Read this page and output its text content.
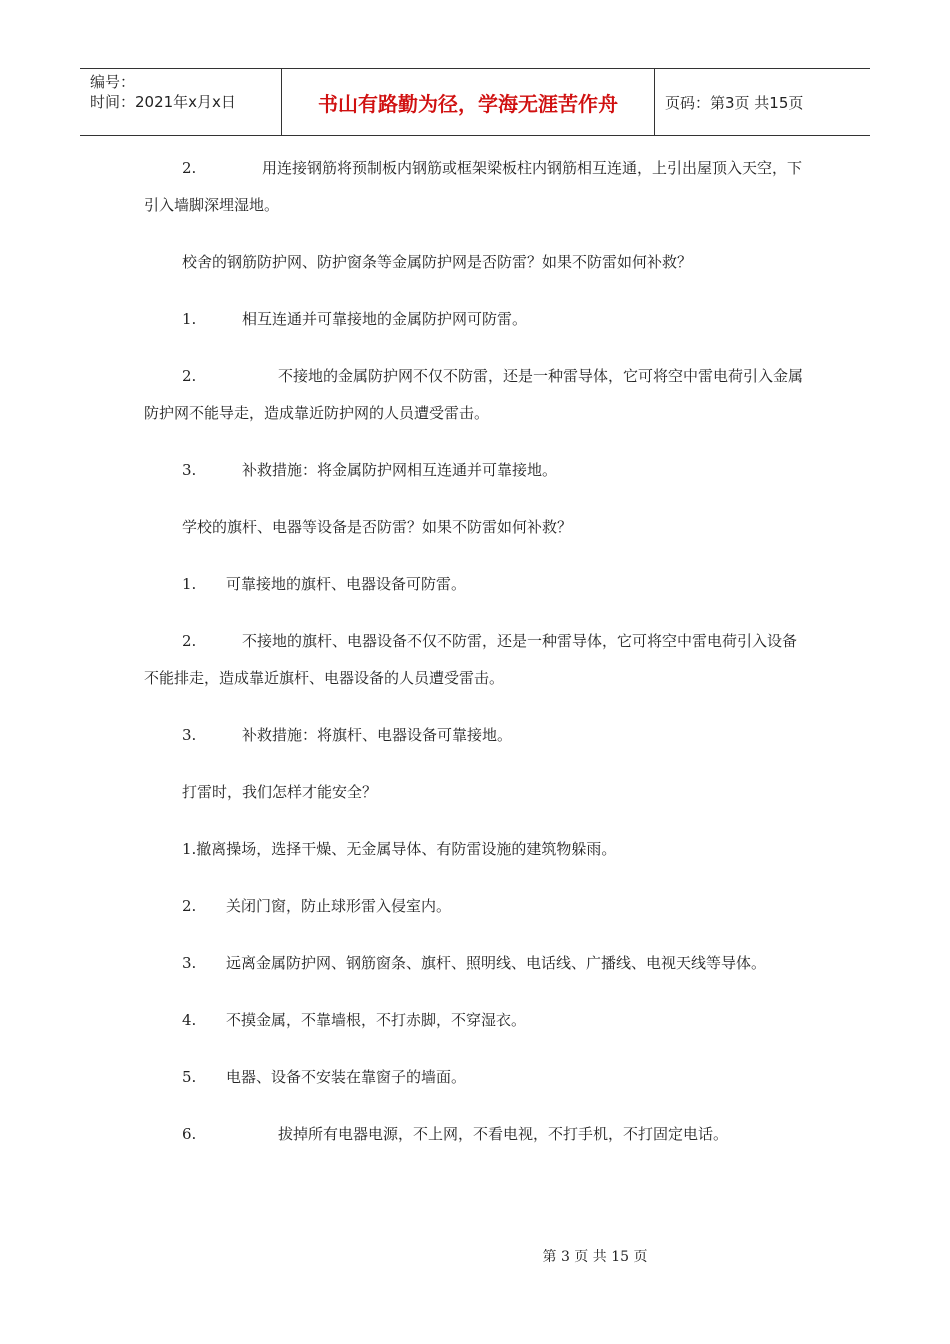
编号：
时间：2021年x月x日	书山有路勤为径，学海无涯苦作舟	页码：第3页 共15页

2.	用连接钢筋将预制板内钢筋或框架梁板柱内钢筋相互连通，上引出屋顶入天空，下引入墙脚深埋湿地。

校舍的钢筋防护网、防护窗条等金属防护网是否防雷？如果不防雷如何补救？

1.	相互连通并可靠接地的金属防护网可防雷。

2.	不接地的金属防护网不仅不防雷，还是一种雷导体，它可将空中雷电荷引入金属防护网不能导走，造成靠近防护网的人员遭受雷击。

3.	补救措施：将金属防护网相互连通并可靠接地。

学校的旗杆、电器等设备是否防雷？如果不防雷如何补救？

1. 可靠接地的旗杆、电器设备可防雷。

2.	不接地的旗杆、电器设备不仅不防雷，还是一种雷导体，它可将空中雷电荷引入设备不能排走，造成靠近旗杆、电器设备的人员遭受雷击。

3.	补救措施：将旗杆、电器设备可靠接地。

打雷时，我们怎样才能安全？

1.撤离操场，选择干燥、无金属导体、有防雷设施的建筑物躲雨。

2. 关闭门窗，防止球形雷入侵室内。

3. 远离金属防护网、钢筋窗条、旗杆、照明线、电话线、广播线、电视天线等导体。

4. 不摸金属，不靠墙根，不打赤脚，不穿湿衣。

5. 电器、设备不安装在靠窗子的墙面。

6.	拔掉所有电器电源，不上网，不看电视，不打手机，不打固定电话。

第 3 页 共 15 页
